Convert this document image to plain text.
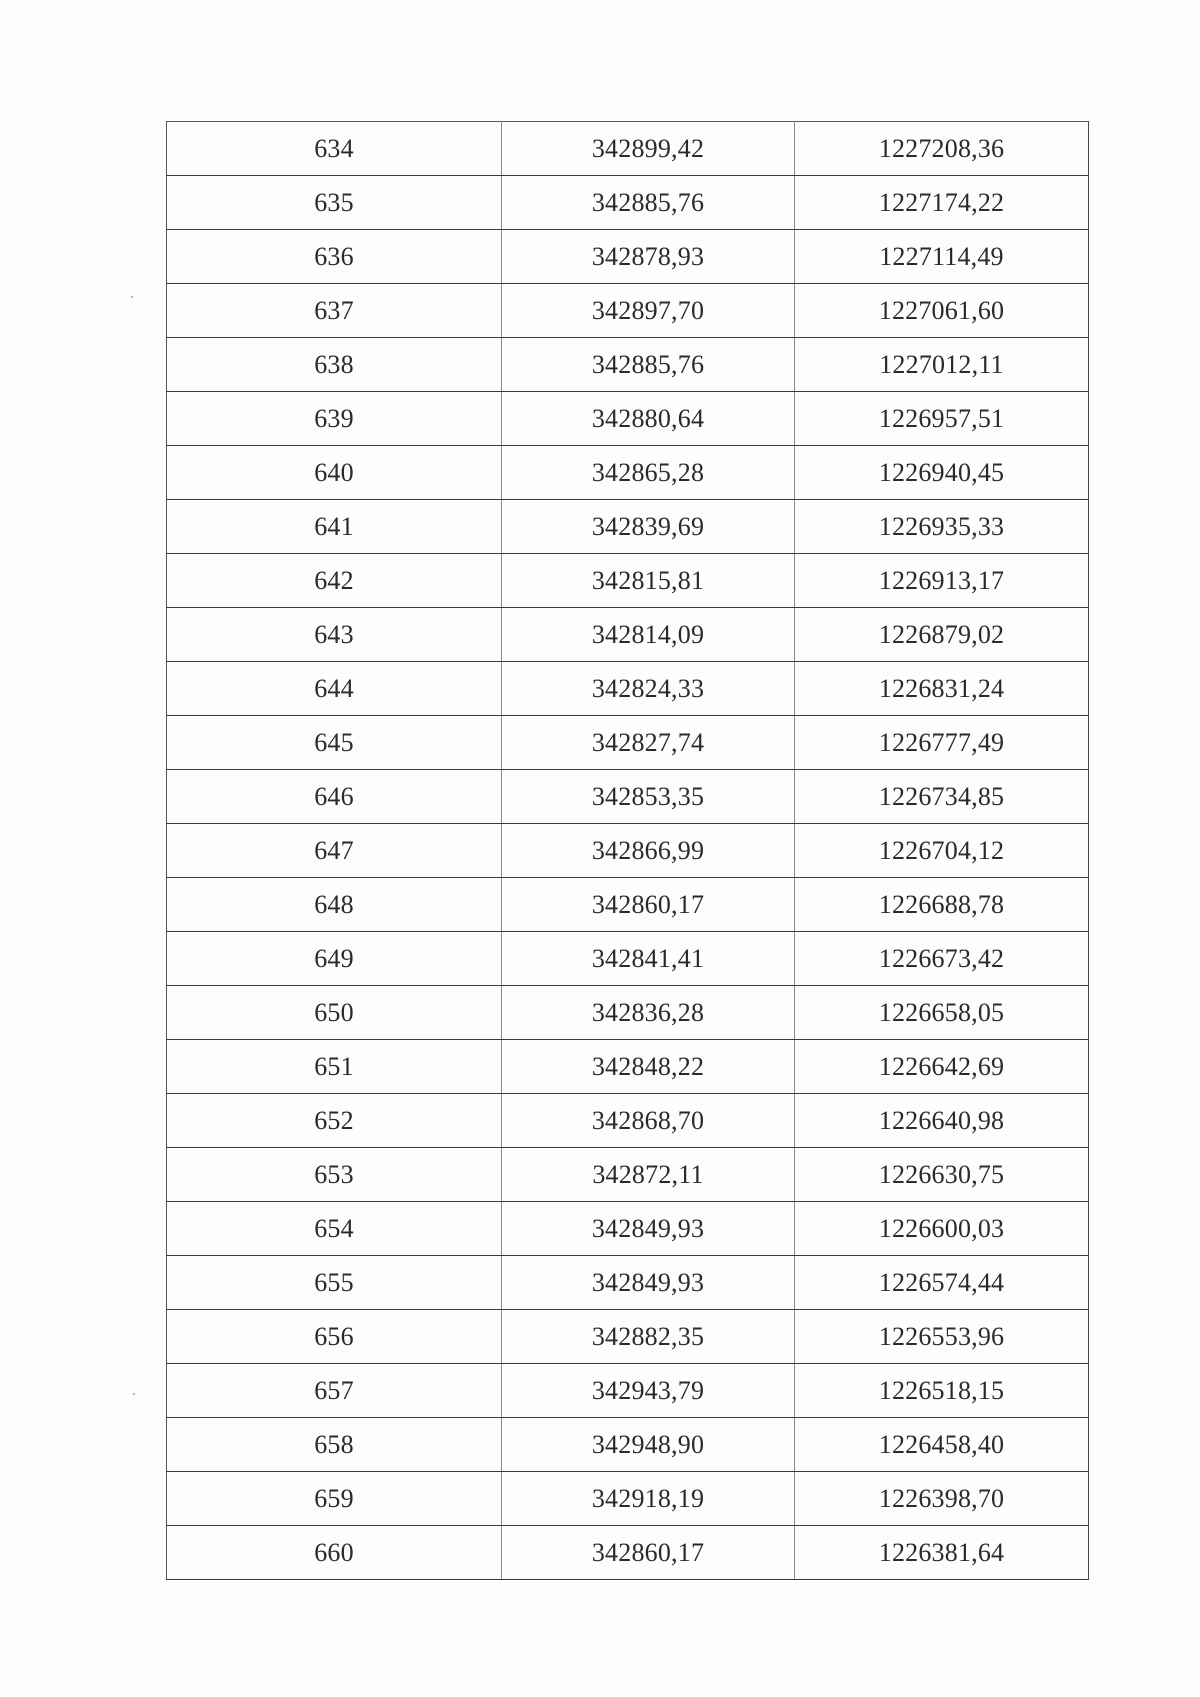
634	342899,42	1227208,36
635	342885,76	1227174,22
636	342878,93	1227114,49
637	342897,70	1227061,60
638	342885,76	1227012,11
639	342880,64	1226957,51
640	342865,28	1226940,45
641	342839,69	1226935,33
642	342815,81	1226913,17
643	342814,09	1226879,02
644	342824,33	1226831,24
645	342827,74	1226777,49
646	342853,35	1226734,85
647	342866,99	1226704,12
648	342860,17	1226688,78
649	342841,41	1226673,42
650	342836,28	1226658,05
651	342848,22	1226642,69
652	342868,70	1226640,98
653	342872,11	1226630,75
654	342849,93	1226600,03
655	342849,93	1226574,44
656	342882,35	1226553,96
657	342943,79	1226518,15
658	342948,90	1226458,40
659	342918,19	1226398,70
660	342860,17	1226381,64
